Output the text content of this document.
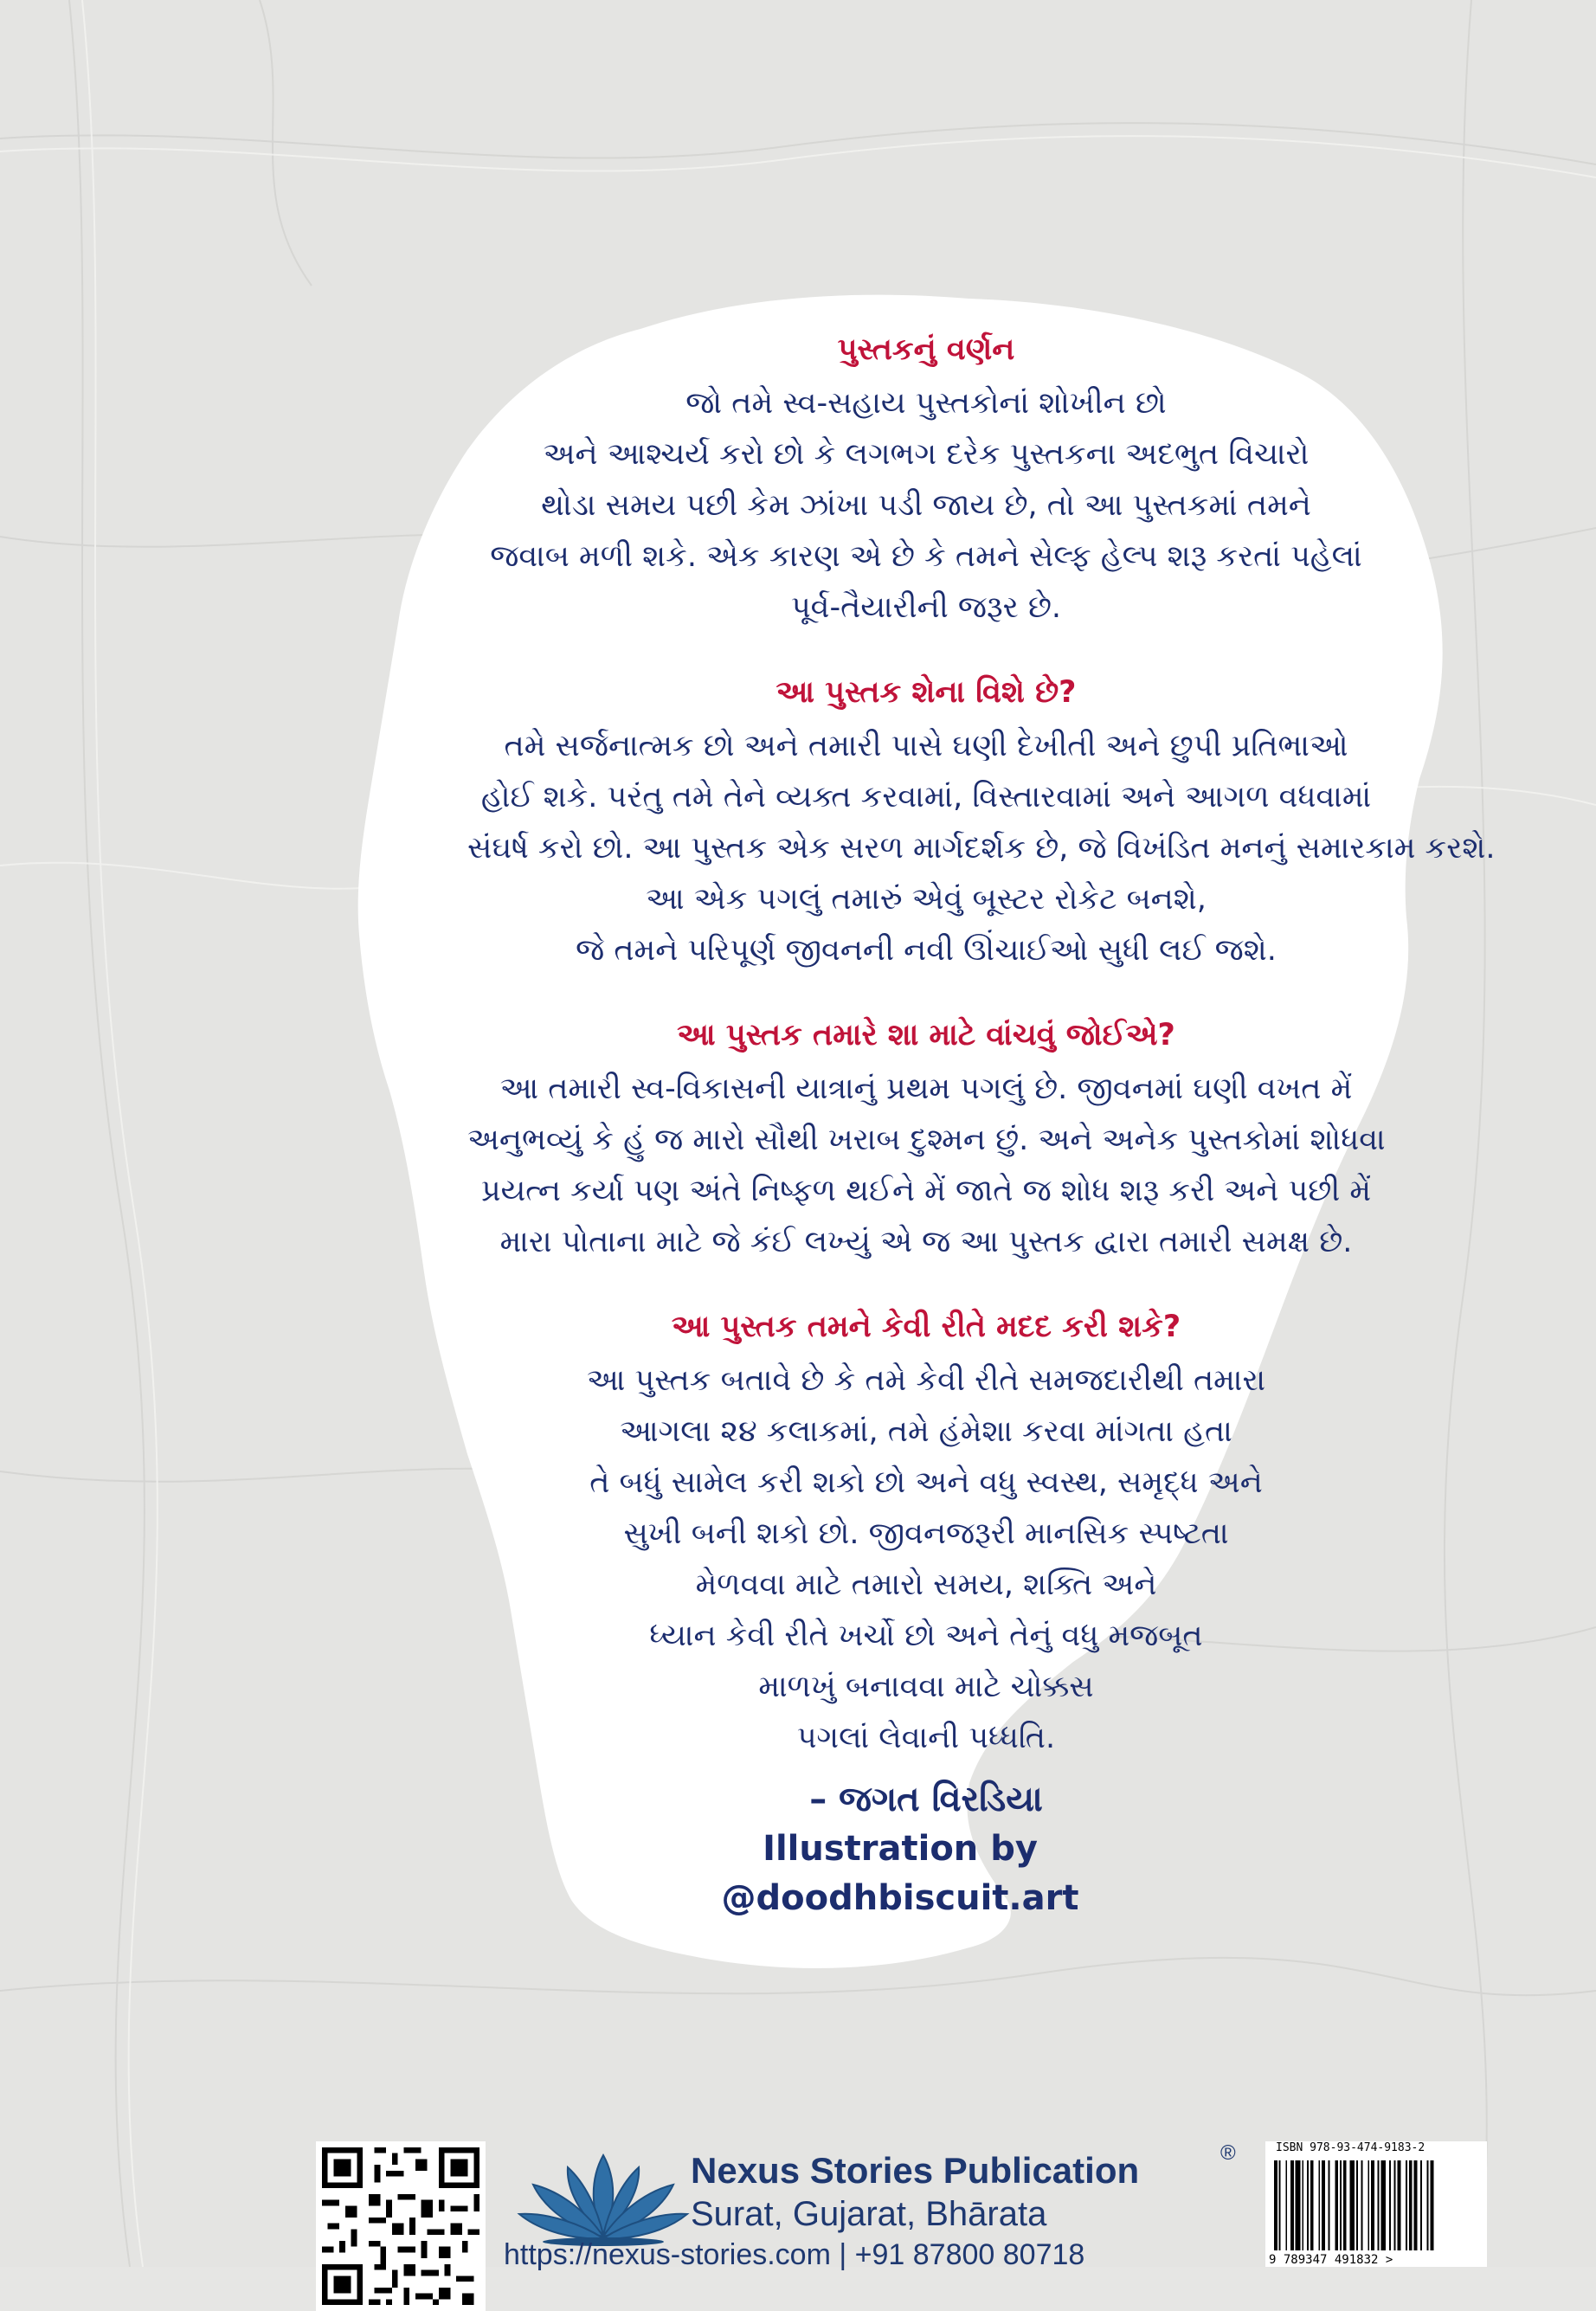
પુસ્તકનું વર્ણન

જો તમે સ્વ-સહાય પુસ્તકોનાં શોખીન છો

અને આશ્ચર્ય કરો છો કે લગભગ દરેક પુસ્તકના અદભુત વિચારો

થોડા સમય પછી કેમ ઝાંખા પડી જાય છે, તો આ પુસ્તકમાં તમને

જવાબ મળી શકે. એક કારણ એ છે કે તમને સેલ્ફ હેલ્પ શરૂ કરતાં પહેલાં

પૂર્વ-તૈયારીની જરૂર છે.

આ પુસ્તક શેના વિશે છે?

તમે સર્જનાત્મક છો અને તમારી પાસે ઘણી દેખીતી અને છુપી પ્રતિભાઓ

હોઈ શકે. પરંતુ તમે તેને વ્યક્ત કરવામાં, વિસ્તારવામાં અને આગળ વધવામાં

સંઘર્ષ કરો છો. આ પુસ્તક એક સરળ માર્ગદર્શક છે, જે વિખંડિત મનનું સમારકામ કરશે.

આ એક પગલું તમારું એવું બૂસ્ટર રોકેટ બનશે,

જે તમને પરિપૂર્ણ જીવનની નવી ઊંચાઈઓ સુધી લઈ જશે.

આ પુસ્તક તમારે શા માટે વાંચવું જોઈએ?

આ તમારી સ્વ-વિકાસની યાત્રાનું પ્રથમ પગલું છે. જીવનમાં ઘણી વખત મેં

અનુભવ્યું કે હું જ મારો સૌથી ખરાબ દુશ્મન છું. અને અનેક પુસ્તકોમાં શોધવા

પ્રયત્ન કર્યા પણ અંતે નિષ્ફળ થઈને મેં જાતે જ શોધ શરૂ કરી અને પછી મેં

મારા પોતાના માટે જે કંઈ લખ્યું એ જ આ પુસ્તક દ્વારા તમારી સમક્ષ છે.

આ પુસ્તક તમને કેવી રીતે મદદ કરી શકે?

આ પુસ્તક બતાવે છે કે તમે કેવી રીતે સમજદારીથી તમારા

આગલા ૨૪ કલાકમાં, તમે હંમેશા કરવા માંગતા હતા

તે બધું સામેલ કરી શકો છો અને વધુ સ્વસ્થ, સમૃદ્ધ અને

સુખી બની શકો છો. જીવનજરૂરી માનસિક સ્પષ્ટતા

મેળવવા માટે તમારો સમય, શક્તિ અને

ધ્યાન કેવી રીતે ખર્ચો છો અને તેનું વધુ મજબૂત

માળખું બનાવવા માટે ચોક્કસ

પગલાં લેવાની પધ્ધતિ.

– જગત વિરડિયા
Illustration by
@doodhbiscuit.art
Nexus Stories Publication	®
Surat, Gujarat, Bhārata
https://nexus-stories.com | +91 87800 80718
ISBN 978-93-474-9183-2
9 789347 491832 >
